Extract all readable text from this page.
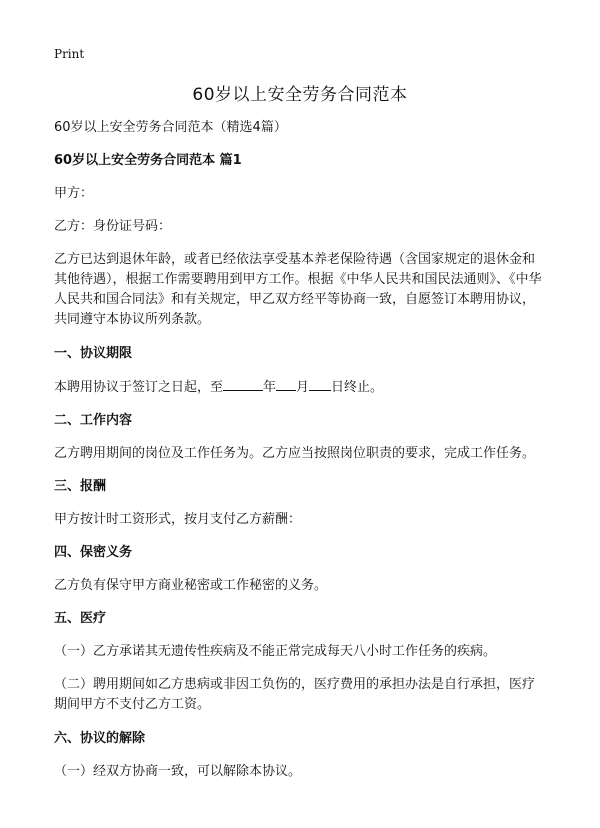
Print
60岁以上安全劳务合同范本

60岁以上安全劳务合同范本（精选4篇）

60岁以上安全劳务合同范本 篇1

甲方：

乙方：身份证号码：

乙方已达到退休年龄，或者已经依法享受基本养老保险待遇（含国家规定的退休金和其他待遇），根据工作需要聘用到甲方工作。根据《中华人民共和国民法通则》、《中华人民共和国合同法》和有关规定，甲乙双方经平等协商一致，自愿签订本聘用协议，共同遵守本协议所列条款。

一、协议期限

本聘用协议于签订之日起，至	年 月 日终止。

二、工作内容

乙方聘用期间的岗位及工作任务为。乙方应当按照岗位职责的要求，完成工作任务。

三、报酬

甲方按计时工资形式，按月支付乙方薪酬：

四、保密义务

乙方负有保守甲方商业秘密或工作秘密的义务。

五、医疗

（一）乙方承诺其无遗传性疾病及不能正常完成每天八小时工作任务的疾病。

（二）聘用期间如乙方患病或非因工负伤的，医疗费用的承担办法是自行承担，医疗期间甲方不支付乙方工资。

六、协议的解除

（一）经双方协商一致，可以解除本协议。
